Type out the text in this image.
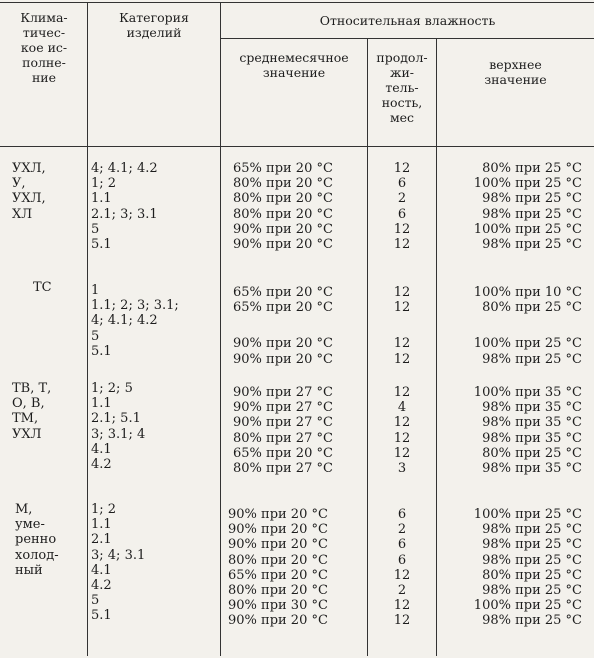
Клима-
тичес-
кое ис-
полне-
ние
Категория
изделий
Относительная влажность
среднемесячное
значение
продол-
жи-
тель-
ность,
мес
верхнее
значение
УХЛ,
У,
УХЛ,
ХЛ
4; 4.1; 4.2
1; 2
1.1
2.1; 3; 3.1
5
5.1
65% при 20 °C
80% при 20 °C
80% при 20 °C
80% при 20 °C
90% при 20 °C
90% при 20 °C
12
6
2
6
12
12
80% при 25 °C
100% при 25 °C
98% при 25 °C
98% при 25 °C
100% при 25 °C
98% при 25 °C
ТС	1
1.1; 2; 3; 3.1;
4; 4.1; 4.2
5
5.1
65% при 20 °C
65% при 20 °C
90% при 20 °C
90% при 20 °C
12
12
12
12
100% при 10 °C
80% при 25 °C
100% при 25 °C
98% при 25 °C
ТВ, Т,
О, В,
ТМ,
УХЛ
1; 2; 5
1.1
2.1; 5.1
3; 3.1; 4
4.1
4.2
90% при 27 °C
90% при 27 °C
90% при 27 °C
80% при 27 °C
65% при 20 °C
80% при 27 °C
12
4
12
12
12
3
100% при 35 °C
98% при 35 °C
98% при 35 °C
98% при 35 °C
80% при 25 °C
98% при 35 °C
М,
уме-
ренно
холод-
ный
1; 2
1.1
2.1
3; 4; 3.1
4.1
4.2
5
5.1
90% при 20 °C
90% при 20 °C
90% при 20 °C
80% при 20 °C
65% при 20 °C
80% при 20 °C
90% при 30 °C
90% при 20 °C
6
2
6
6
12
2
12
12
100% при 25 °C
98% при 25 °C
98% при 25 °C
98% при 25 °C
80% при 25 °C
98% при 25 °C
100% при 25 °C
98% при 25 °C
